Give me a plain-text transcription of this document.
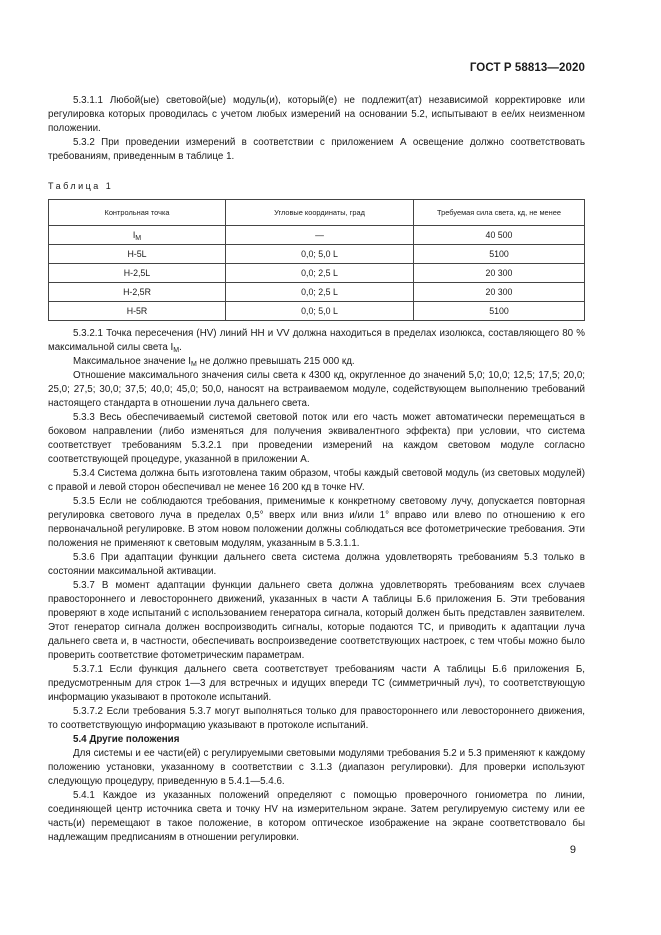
ГОСТ Р 58813—2020

5.3.1.1 Любой(ые) световой(ые) модуль(и), который(е) не подлежит(ат) независимой корректировке или регулировка которых проводилась с учетом любых измерений на основании 5.2, испытывают в ее/их неизменном положении.

5.3.2 При проведении измерений в соответствии с приложением А освещение должно соответствовать требованиям, приведенным в таблице 1.

Таблица 1
Контрольная точка	Угловые координаты, град	Требуемая сила света, кд, не менее
$I_M$	—	40 500
H-5L	0,0; 5,0 L	5100
H-2,5L	0,0; 2,5 L	20 300
H-2,5R	0,0; 2,5 L	20 300
H-5R	0,0; 5,0 L	5100

5.3.2.1 Точка пересечения (HV) линий HH и VV должна находиться в пределах изолюкса, составляющего 80 % максимальной силы света $I_M$.

Максимальное значение $I_M$ не должно превышать 215 000 кд.

Отношение максимального значения силы света к 4300 кд, округленное до значений 5,0; 10,0; 12,5; 17,5; 20,0; 25,0; 27,5; 30,0; 37,5; 40,0; 45,0; 50,0, наносят на встраиваемом модуле, содействующем выполнению требований настоящего стандарта в отношении луча дальнего света.

5.3.3 Весь обеспечиваемый системой световой поток или его часть может автоматически перемещаться в боковом направлении (либо изменяться для получения эквивалентного эффекта) при условии, что система соответствует требованиям 5.3.2.1 при проведении измерений на каждом световом модуле согласно соответствующей процедуре, указанной в приложении А.

5.3.4 Система должна быть изготовлена таким образом, чтобы каждый световой модуль (из световых модулей) с правой и левой сторон обеспечивал не менее 16 200 кд в точке HV.

5.3.5 Если не соблюдаются требования, применимые к конкретному световому лучу, допускается повторная регулировка светового луча в пределах 0,5° вверх или вниз и/или 1° вправо или влево по отношению к его первоначальной регулировке. В этом новом положении должны соблюдаться все фотометрические требования. Эти положения не применяют к световым модулям, указанным в 5.3.1.1.

5.3.6 При адаптации функции дальнего света система должна удовлетворять требованиям 5.3 только в состоянии максимальной активации.

5.3.7 В момент адаптации функции дальнего света должна удовлетворять требованиям всех случаев правостороннего и левостороннего движений, указанных в части А таблицы Б.6 приложения Б. Эти требования проверяют в ходе испытаний с использованием генератора сигнала, который должен быть представлен заявителем. Этот генератор сигнала должен воспроизводить сигналы, которые подаются ТС, и приводить к адаптации луча дальнего света и, в частности, обеспечивать воспроизведение соответствующих настроек, с тем чтобы можно было проверить соответствие фотометрическим параметрам.

5.3.7.1 Если функция дальнего света соответствует требованиям части А таблицы Б.6 приложения Б, предусмотренным для строк 1—3 для встречных и идущих впереди ТС (симметричный луч), то соответствующую информацию указывают в протоколе испытаний.

5.3.7.2 Если требования 5.3.7 могут выполняться только для правостороннего или левостороннего движения, то соответствующую информацию указывают в протоколе испытаний.

5.4 Другие положения

Для системы и ее части(ей) с регулируемыми световыми модулями требования 5.2 и 5.3 применяют к каждому положению установки, указанному в соответствии с 3.1.3 (диапазон регулировки). Для проверки используют следующую процедуру, приведенную в 5.4.1—5.4.6.

5.4.1 Каждое из указанных положений определяют с помощью проверочного гониометра по линии, соединяющей центр источника света и точку HV на измерительном экране. Затем регулируемую систему или ее часть(и) перемещают в такое положение, в котором оптическое изображение на экране соответствовало бы надлежащим предписаниям в отношении регулировки.

9
